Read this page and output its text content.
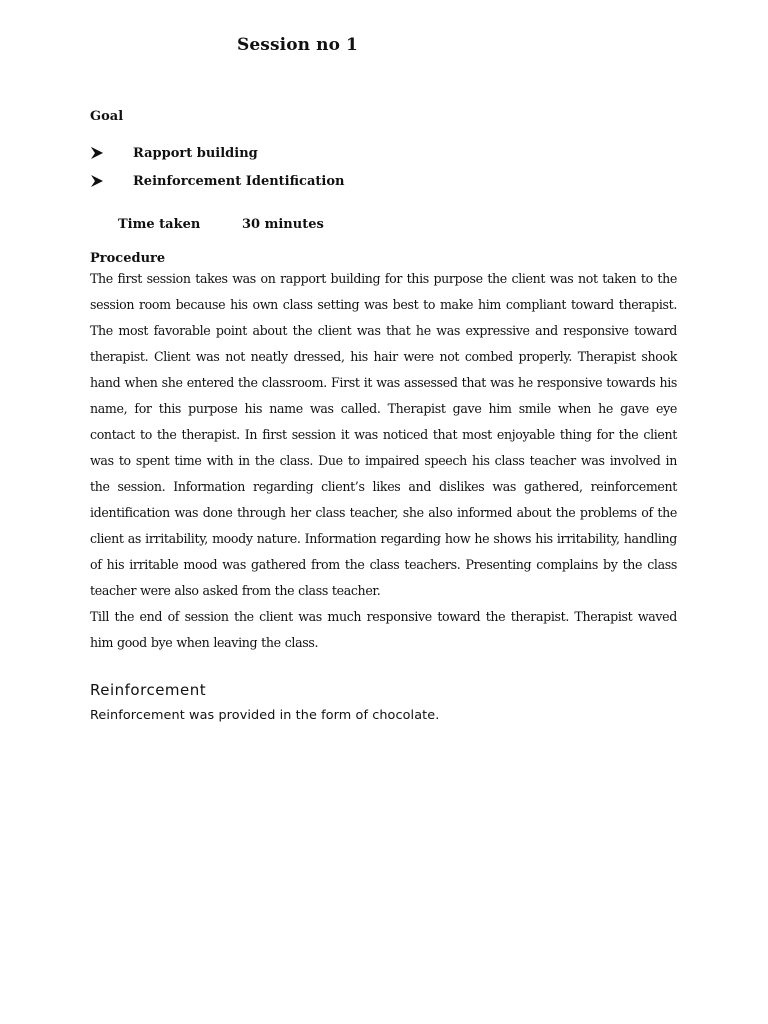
Session no 1
Goal
Rapport building
Reinforcement Identification
Time taken	30 minutes
Procedure

The first session takes was on rapport building for this purpose the client was not taken to the session room because his own class setting was best to make him compliant toward therapist. The most favorable point about the client was that he was expressive and responsive toward therapist. Client was not neatly dressed, his hair were not combed properly. Therapist shook hand when she entered the classroom. First it was assessed that was he responsive towards his name, for this purpose his name was called. Therapist gave him smile when he gave eye contact to the therapist. In first session it was noticed that most enjoyable thing for the client was to spent time with in the class. Due to impaired speech his class teacher was involved in the session. Information regarding client’s likes and dislikes was gathered, reinforcement identification was done through her class teacher, she also informed about the problems of the client as irritability, moody nature. Information regarding how he shows his irritability, handling of his irritable mood was gathered from the class teachers. Presenting complains by the class teacher were also asked from the class teacher.

Till the end of session the client was much responsive toward the therapist. Therapist waved him good bye when leaving the class.

Reinforcement
Reinforcement was provided in the form of chocolate.
